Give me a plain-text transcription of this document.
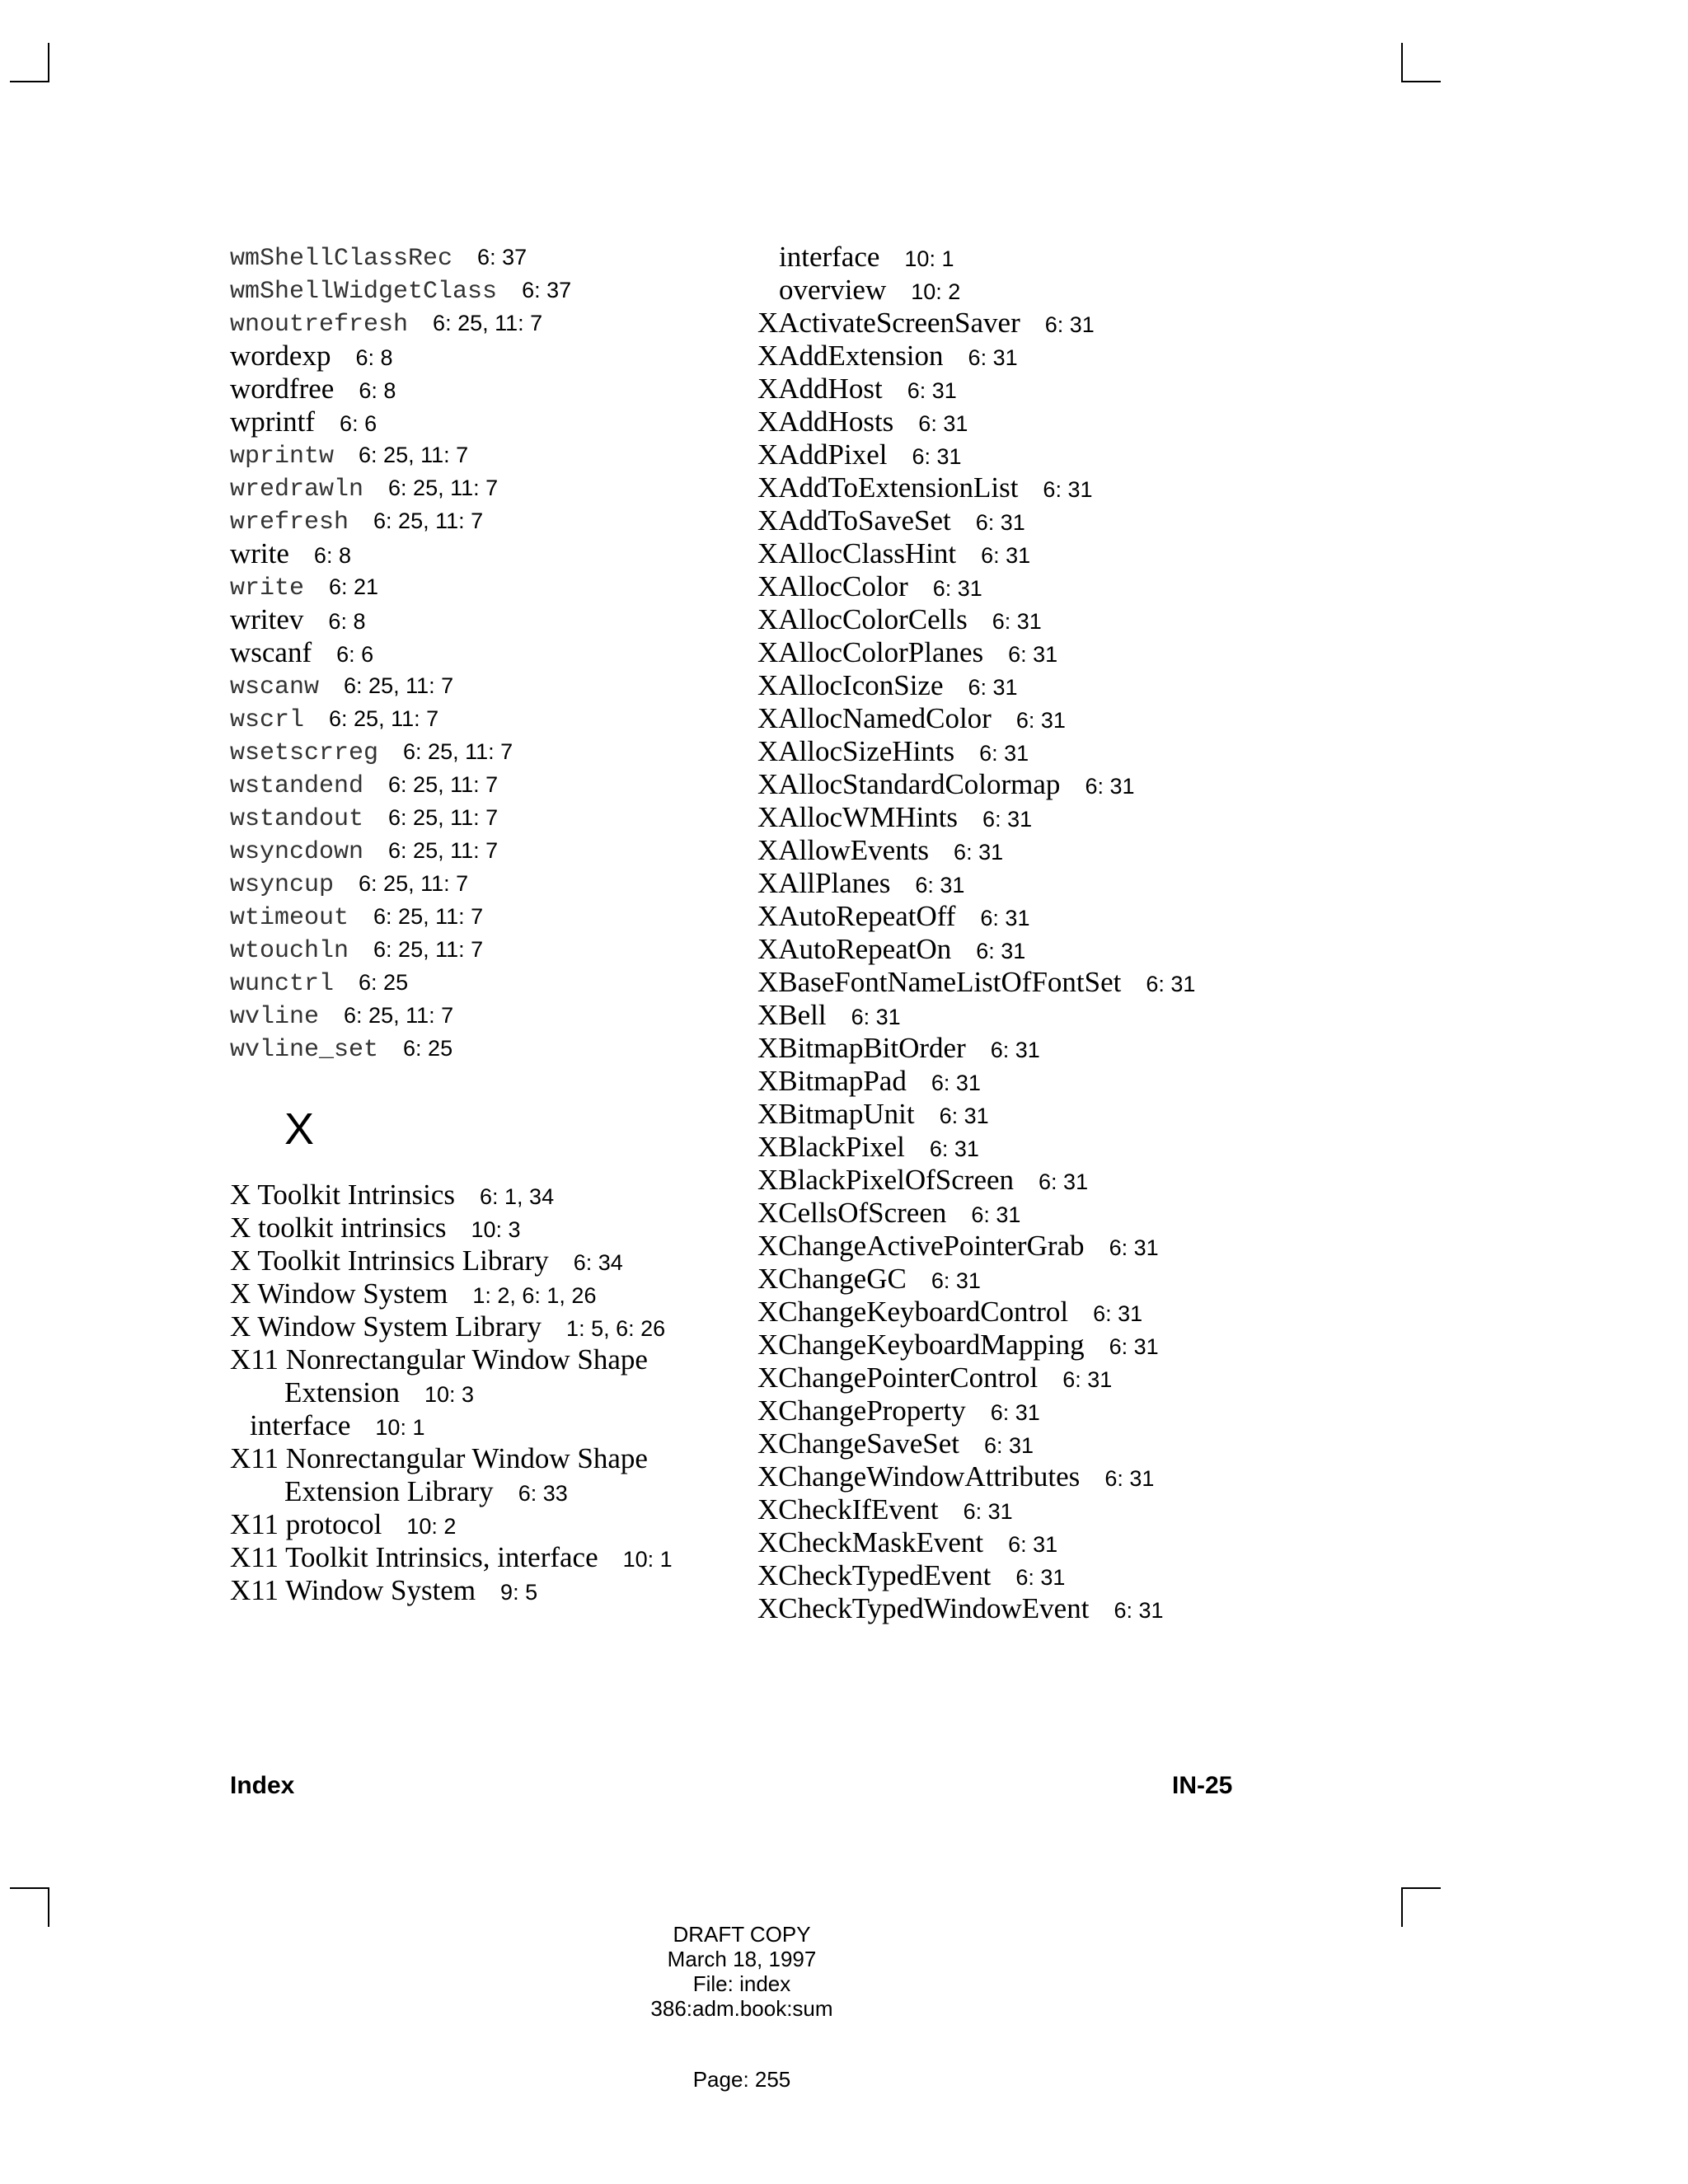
wmShellClassRec 6: 37
wmShellWidgetClass 6: 37
wnoutrefresh 6: 25, 11: 7
wordexp 6: 8
wordfree 6: 8
wprintf 6: 6
wprintw 6: 25, 11: 7
wredrawln 6: 25, 11: 7
wrefresh 6: 25, 11: 7
write 6: 8
write 6: 21
writev 6: 8
wscanf 6: 6
wscanw 6: 25, 11: 7
wscrl 6: 25, 11: 7
wsetscrreg 6: 25, 11: 7
wstandend 6: 25, 11: 7
wstandout 6: 25, 11: 7
wsyncdown 6: 25, 11: 7
wsyncup 6: 25, 11: 7
wtimeout 6: 25, 11: 7
wtouchln 6: 25, 11: 7
wunctrl 6: 25
wvline 6: 25, 11: 7
wvline_set 6: 25
X
X Toolkit Intrinsics 6: 1, 34
X toolkit intrinsics 10: 3
X Toolkit Intrinsics Library 6: 34
X Window System 1: 2, 6: 1, 26
X Window System Library 1: 5, 6: 26
X11 Nonrectangular Window Shape
Extension 10: 3
interface 10: 1
X11 Nonrectangular Window Shape
Extension Library 6: 33
X11 protocol 10: 2
X11 Toolkit Intrinsics, interface 10: 1
X11 Window System 9: 5
interface 10: 1
overview 10: 2
XActivateScreenSaver 6: 31
XAddExtension 6: 31
XAddHost 6: 31
XAddHosts 6: 31
XAddPixel 6: 31
XAddToExtensionList 6: 31
XAddToSaveSet 6: 31
XAllocClassHint 6: 31
XAllocColor 6: 31
XAllocColorCells 6: 31
XAllocColorPlanes 6: 31
XAllocIconSize 6: 31
XAllocNamedColor 6: 31
XAllocSizeHints 6: 31
XAllocStandardColormap 6: 31
XAllocWMHints 6: 31
XAllowEvents 6: 31
XAllPlanes 6: 31
XAutoRepeatOff 6: 31
XAutoRepeatOn 6: 31
XBaseFontNameListOfFontSet 6: 31
XBell 6: 31
XBitmapBitOrder 6: 31
XBitmapPad 6: 31
XBitmapUnit 6: 31
XBlackPixel 6: 31
XBlackPixelOfScreen 6: 31
XCellsOfScreen 6: 31
XChangeActivePointerGrab 6: 31
XChangeGC 6: 31
XChangeKeyboardControl 6: 31
XChangeKeyboardMapping 6: 31
XChangePointerControl 6: 31
XChangeProperty 6: 31
XChangeSaveSet 6: 31
XChangeWindowAttributes 6: 31
XCheckIfEvent 6: 31
XCheckMaskEvent 6: 31
XCheckTypedEvent 6: 31
XCheckTypedWindowEvent 6: 31
Index	IN-25
DRAFT COPY
March 18, 1997
File: index
386:adm.book:sum
Page: 255
